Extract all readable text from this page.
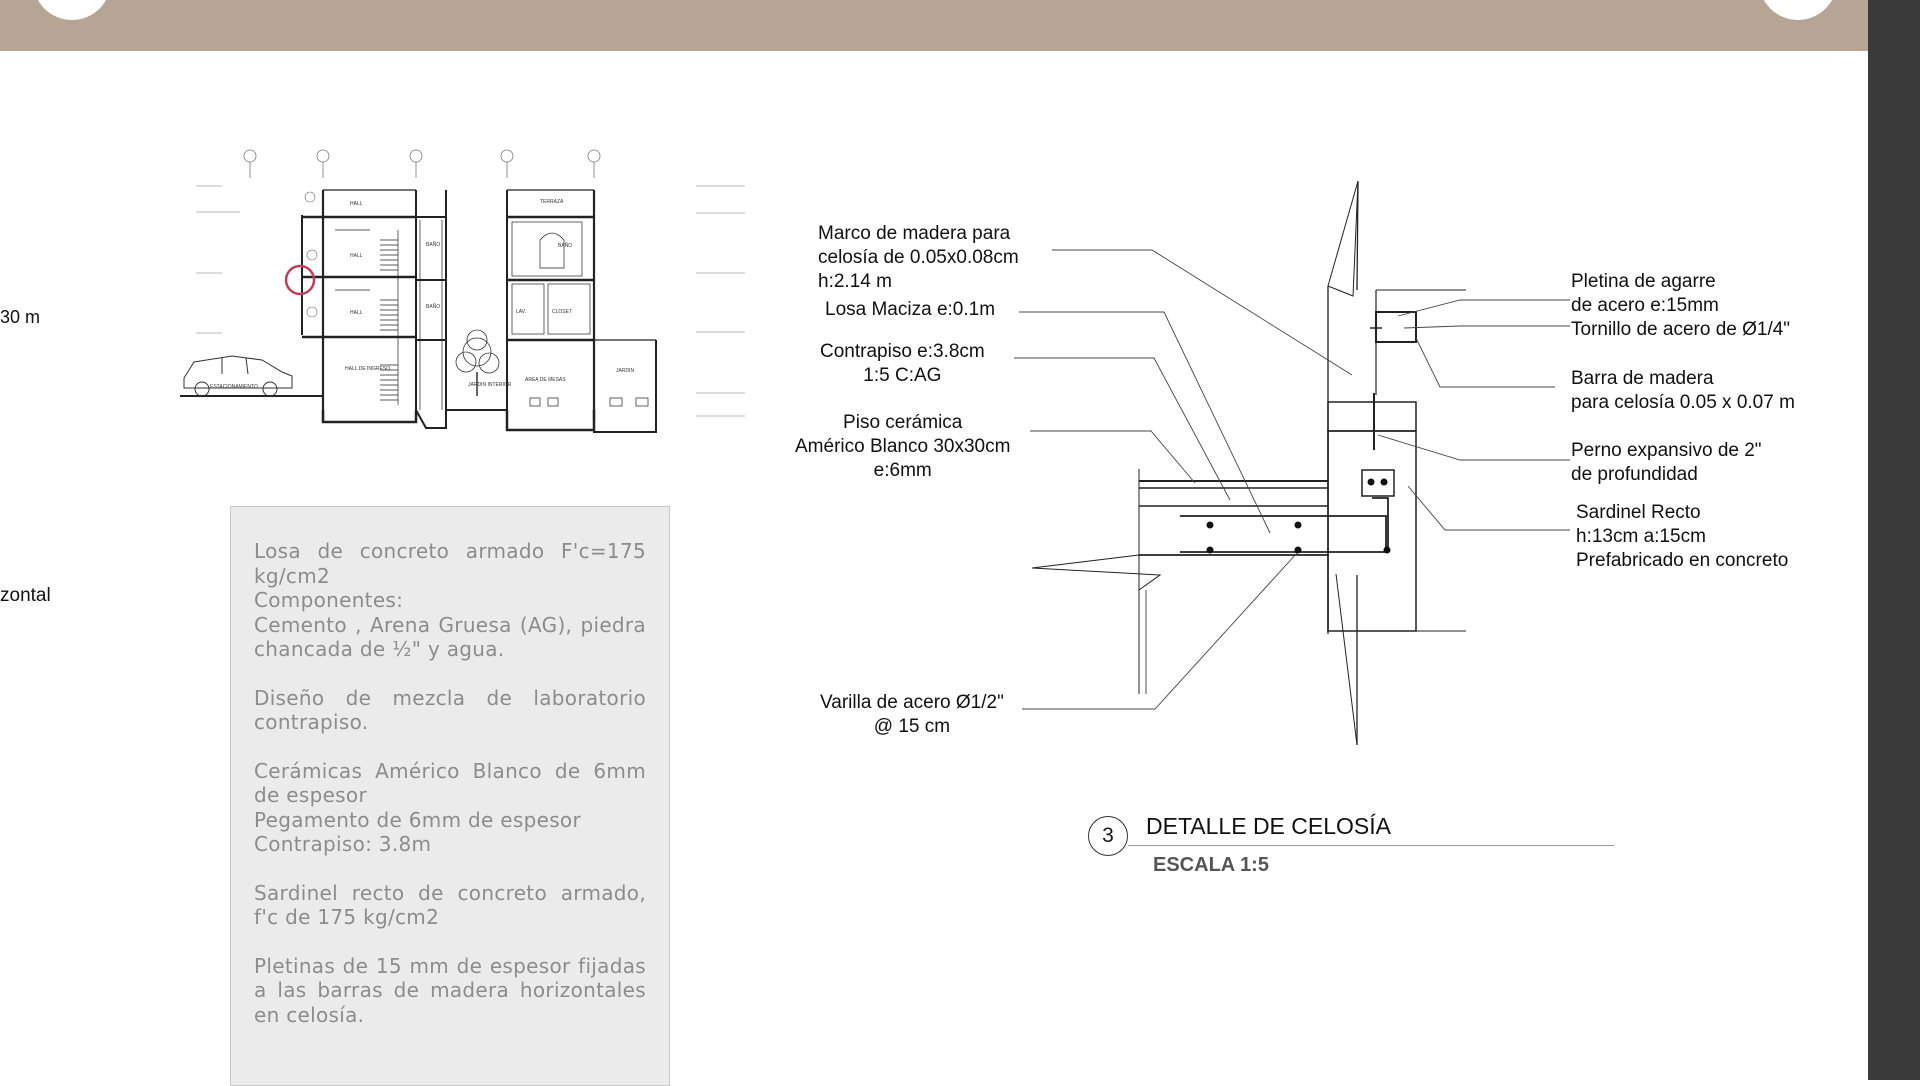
30 m
zontal
HALL	TERRAZA
HALL
BAÑO	BAÑO
HALL
BAÑO
LAV.	CLOSET
HALL DE INGRESO
JARDIN INTERIOR
AREA DE MESAS
JARDIN
ESTACIONAMIENTO
Marco de madera para
celosía de 0.05x0.08cm
h:2.14 m
Losa Maciza e:0.1m
Contrapiso e:3.8cm
1:5 C:AG
Piso cerámica
Américo Blanco 30x30cm
e:6mm
Varilla de acero Ø1/2"
@ 15 cm
Pletina de agarre
de acero e:15mm
Tornillo de acero de Ø1/4"
Barra de madera
para celosía 0.05 x 0.07 m
Perno expansivo de 2"
de profundidad
Sardinel Recto
h:13cm a:15cm
Prefabricado en concreto
3	DETALLE DE CELOSÍA
ESCALA 1:5

Losa de concreto armado F'c=175 kg/cm2
Componentes:
Cemento , Arena Gruesa (AG), piedra chancada de ½" y agua.

Diseño de mezcla de laboratorio contrapiso.

Cerámicas Américo Blanco de 6mm de espesor
Pegamento de 6mm de espesor
Contrapiso: 3.8m

Sardinel recto de concreto armado, f'c de 175 kg/cm2

Pletinas de 15 mm de espesor fijadas a las barras de madera horizontales en celosía.
